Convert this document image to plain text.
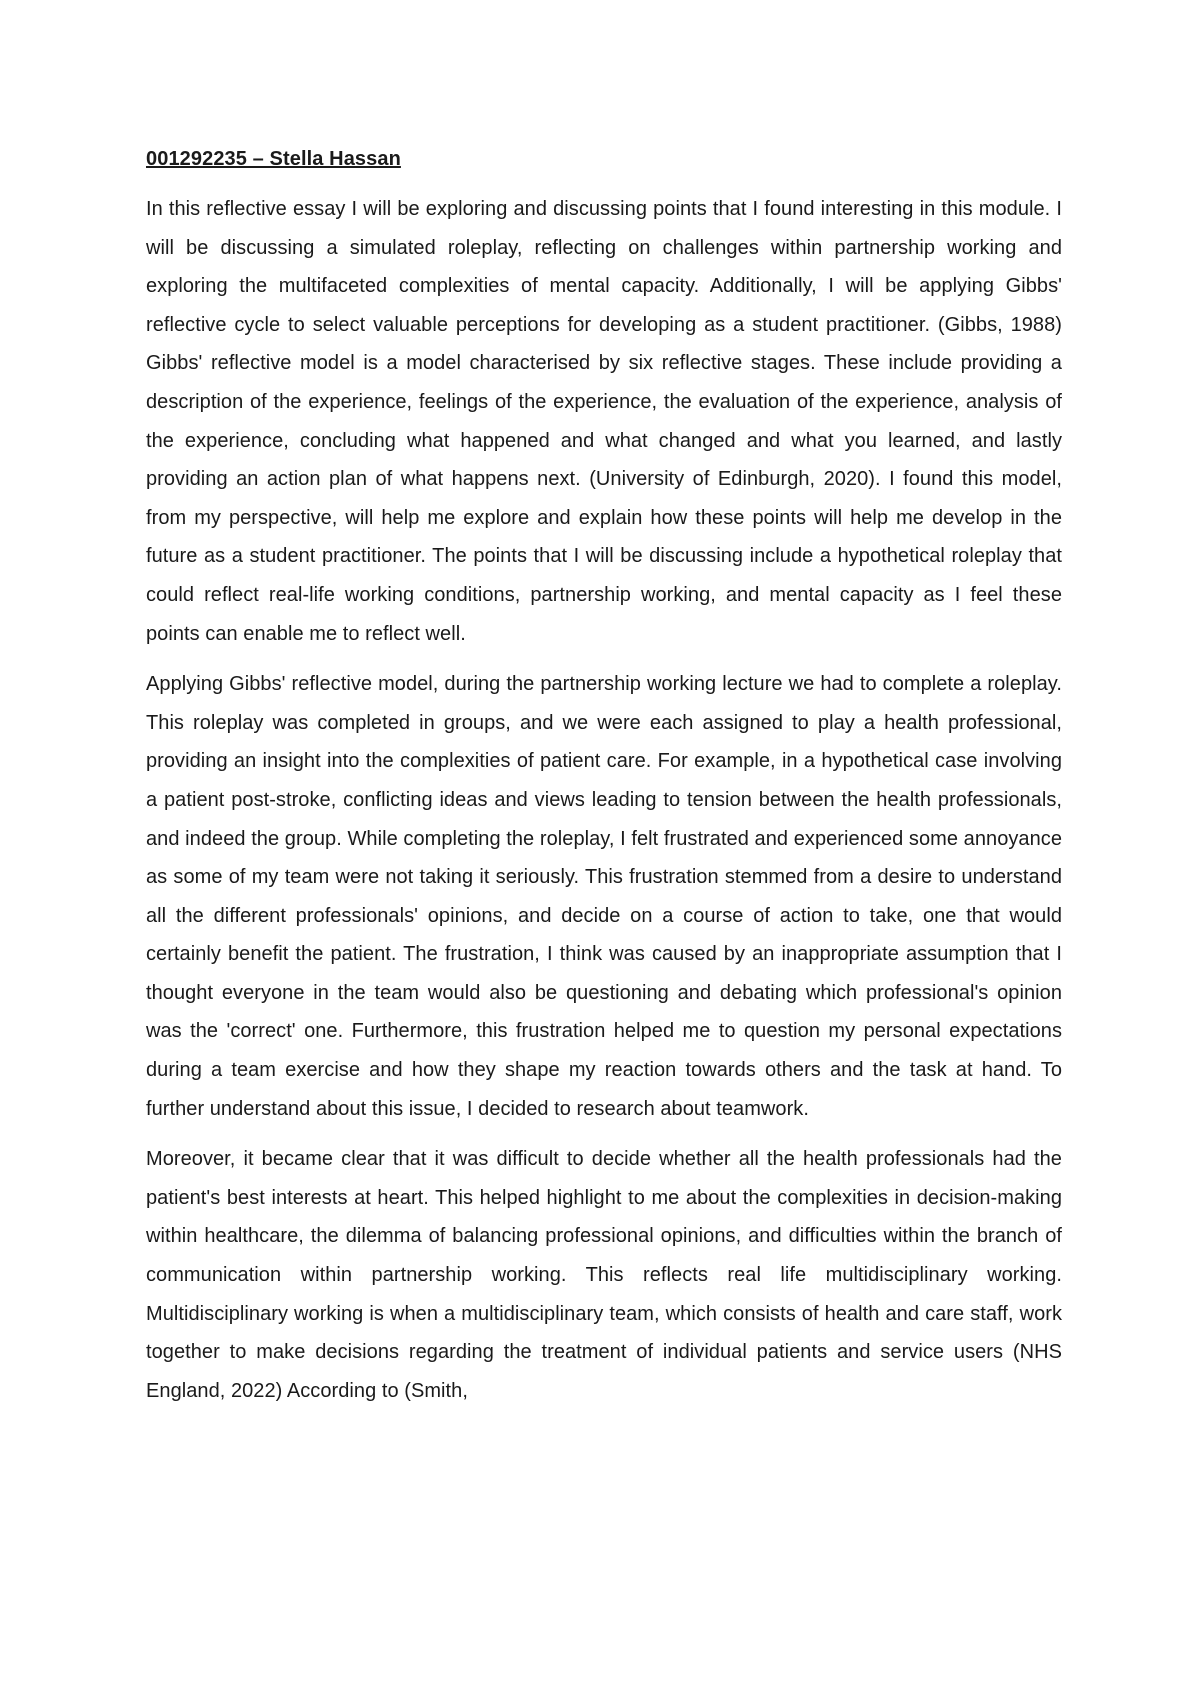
001292235 – Stella Hassan

In this reflective essay I will be exploring and discussing points that I found interesting in this module. I will be discussing a simulated roleplay, reflecting on challenges within partnership working and exploring the multifaceted complexities of mental capacity. Additionally, I will be applying Gibbs' reflective cycle to select valuable perceptions for developing as a student practitioner. (Gibbs, 1988) Gibbs' reflective model is a model characterised by six reflective stages. These include providing a description of the experience, feelings of the experience, the evaluation of the experience, analysis of the experience, concluding what happened and what changed and what you learned, and lastly providing an action plan of what happens next. (University of Edinburgh, 2020). I found this model, from my perspective, will help me explore and explain how these points will help me develop in the future as a student practitioner. The points that I will be discussing include a hypothetical roleplay that could reflect real-life working conditions, partnership working, and mental capacity as I feel these points can enable me to reflect well.

Applying Gibbs' reflective model, during the partnership working lecture we had to complete a roleplay. This roleplay was completed in groups, and we were each assigned to play a health professional, providing an insight into the complexities of patient care. For example, in a hypothetical case involving a patient post-stroke, conflicting ideas and views leading to tension between the health professionals, and indeed the group. While completing the roleplay, I felt frustrated and experienced some annoyance as some of my team were not taking it seriously. This frustration stemmed from a desire to understand all the different professionals' opinions, and decide on a course of action to take, one that would certainly benefit the patient. The frustration, I think was caused by an inappropriate assumption that I thought everyone in the team would also be questioning and debating which professional's opinion was the 'correct' one. Furthermore, this frustration helped me to question my personal expectations during a team exercise and how they shape my reaction towards others and the task at hand. To further understand about this issue, I decided to research about teamwork.

Moreover, it became clear that it was difficult to decide whether all the health professionals had the patient's best interests at heart. This helped highlight to me about the complexities in decision-making within healthcare, the dilemma of balancing professional opinions, and difficulties within the branch of communication within partnership working. This reflects real life multidisciplinary working. Multidisciplinary working is when a multidisciplinary team, which consists of health and care staff, work together to make decisions regarding the treatment of individual patients and service users (NHS England, 2022) According to (Smith,
